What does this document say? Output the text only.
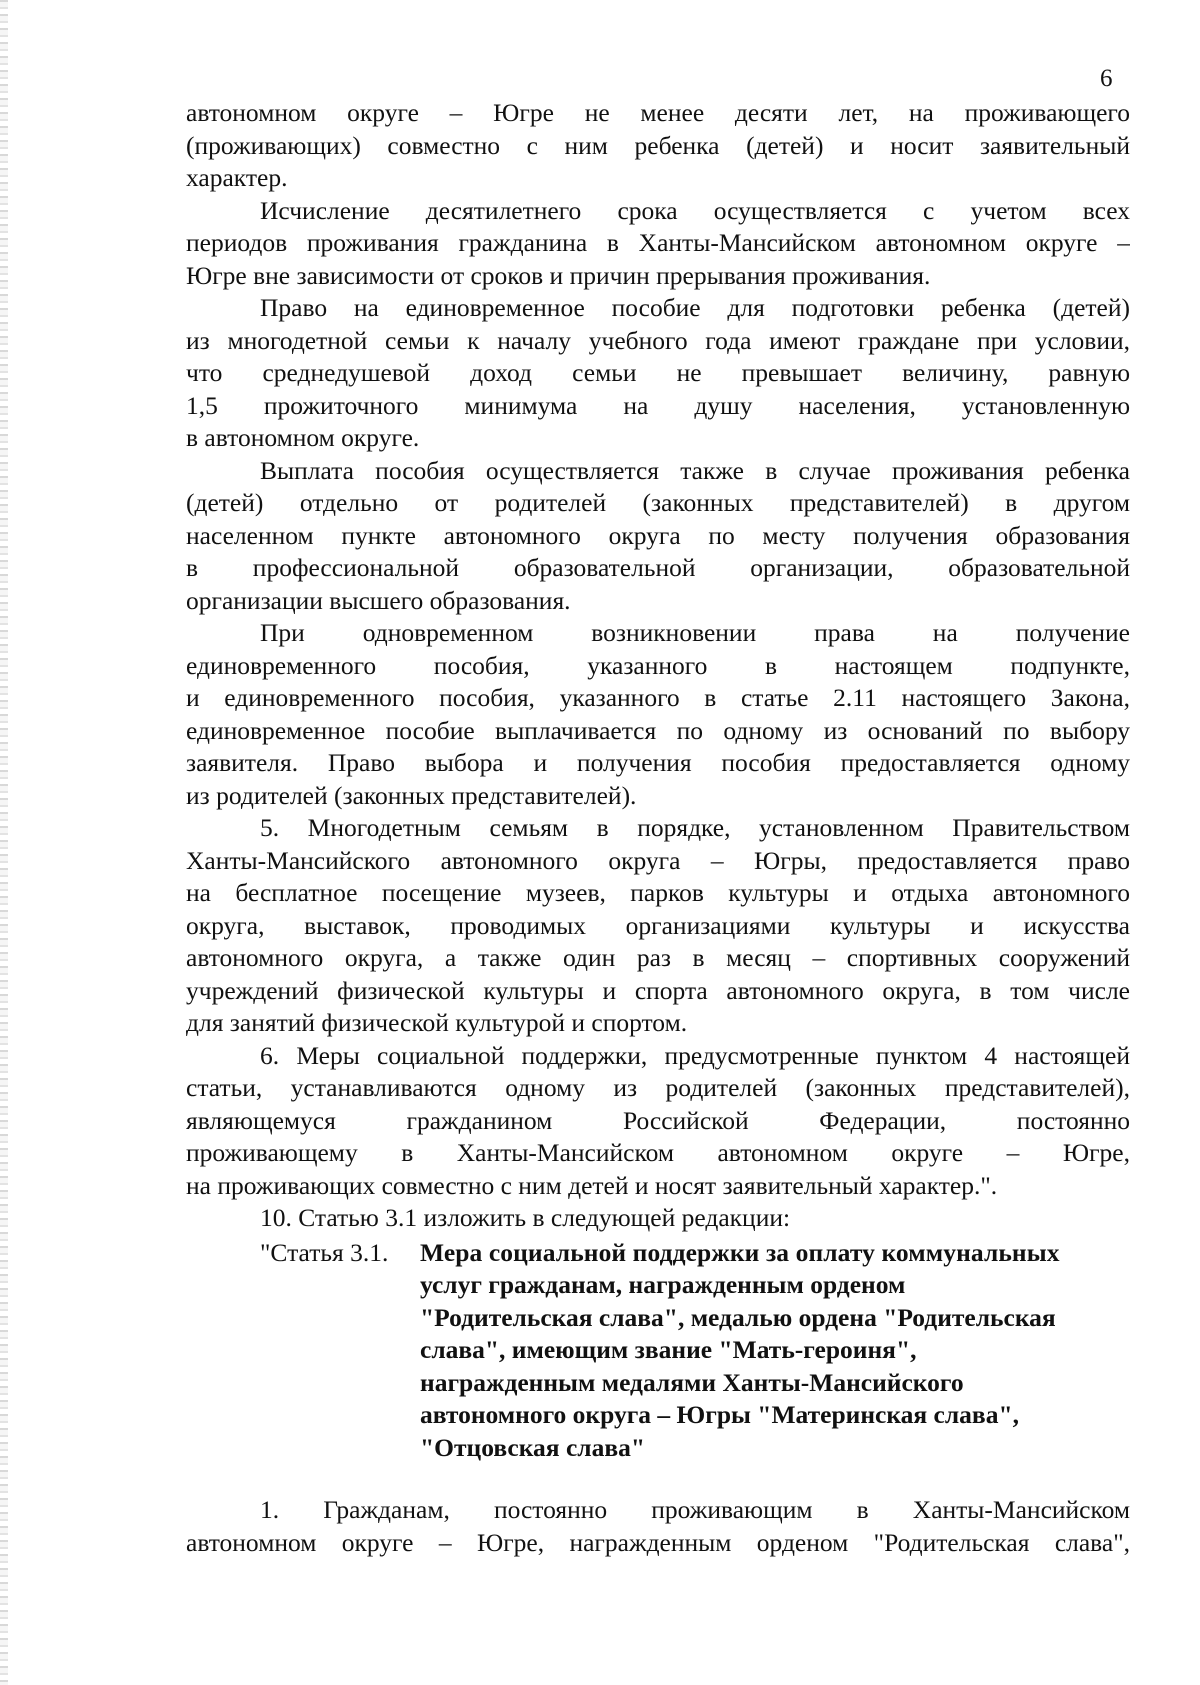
6
автономном округе – Югре не менее десяти лет, на проживающего
(проживающих) совместно с ним ребенка (детей) и носит заявительный
характер.
Исчисление десятилетнего срока осуществляется с учетом всех
периодов проживания гражданина в Ханты-Мансийском автономном округе –
Югре вне зависимости от сроков и причин прерывания проживания.
Право на единовременное пособие для подготовки ребенка (детей)
из многодетной семьи к началу учебного года имеют граждане при условии,
что среднедушевой доход семьи не превышает величину, равную
1,5 прожиточного минимума на душу населения, установленную
в автономном округе.
Выплата пособия осуществляется также в случае проживания ребенка
(детей) отдельно от родителей (законных представителей) в другом
населенном пункте автономного округа по месту получения образования
в профессиональной образовательной организации, образовательной
организации высшего образования.
При одновременном возникновении права на получение
единовременного пособия, указанного в настоящем подпункте,
и единовременного пособия, указанного в статье 2.11 настоящего Закона,
единовременное пособие выплачивается по одному из оснований по выбору
заявителя. Право выбора и получения пособия предоставляется одному
из родителей (законных представителей).
5. Многодетным семьям в порядке, установленном Правительством
Ханты-Мансийского автономного округа – Югры, предоставляется право
на бесплатное посещение музеев, парков культуры и отдыха автономного
округа, выставок, проводимых организациями культуры и искусства
автономного округа, а также один раз в месяц – спортивных сооружений
учреждений физической культуры и спорта автономного округа, в том числе
для занятий физической культурой и спортом.
6. Меры социальной поддержки, предусмотренные пунктом 4 настоящей
статьи, устанавливаются одному из родителей (законных представителей),
являющемуся гражданином Российской Федерации, постоянно
проживающему в Ханты-Мансийском автономном округе – Югре,
на проживающих совместно с ним детей и носят заявительный характер.".
10. Статью 3.1 изложить в следующей редакции:
"Статья 3.1.	Мера социальной поддержки за оплату коммунальных
услуг гражданам, награжденным орденом
"Родительская слава", медалью ордена "Родительская
слава", имеющим звание "Мать-героиня",
награжденным медалями Ханты-Мансийского
автономного округа – Югры "Материнская слава",
"Отцовская слава"
1. Гражданам, постоянно проживающим в Ханты-Мансийском
автономном округе – Югре, награжденным орденом "Родительская слава",
